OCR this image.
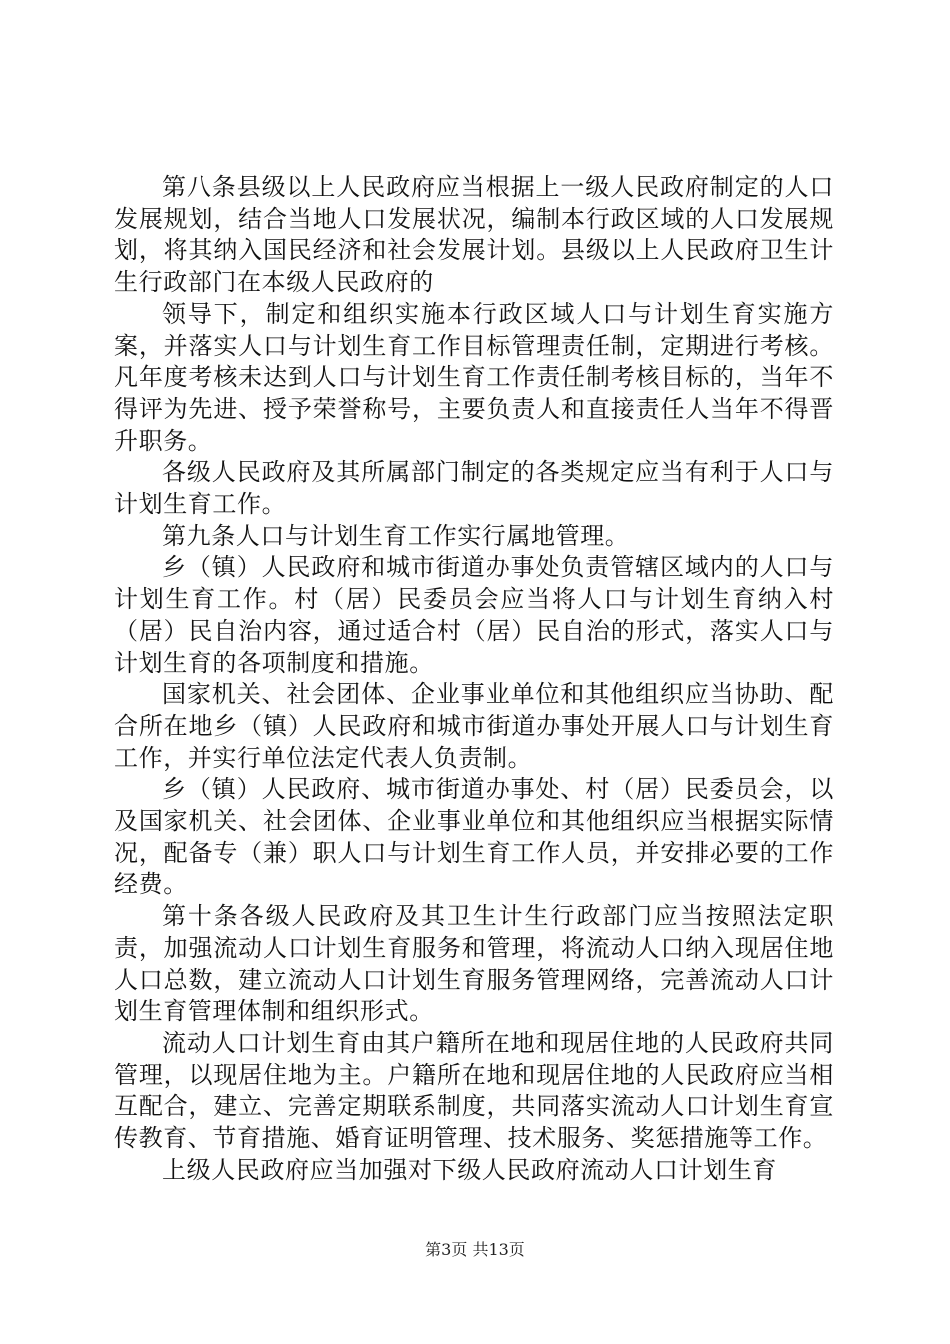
第八条县级以上人民政府应当根据上一级人民政府制定的人口发展规划，结合当地人口发展状况，编制本行政区域的人口发展规划，将其纳入国民经济和社会发展计划。县级以上人民政府卫生计生行政部门在本级人民政府的

领导下，制定和组织实施本行政区域人口与计划生育实施方案，并落实人口与计划生育工作目标管理责任制，定期进行考核。凡年度考核未达到人口与计划生育工作责任制考核目标的，当年不得评为先进、授予荣誉称号，主要负责人和直接责任人当年不得晋升职务。

各级人民政府及其所属部门制定的各类规定应当有利于人口与计划生育工作。

第九条人口与计划生育工作实行属地管理。

乡（镇）人民政府和城市街道办事处负责管辖区域内的人口与计划生育工作。村（居）民委员会应当将人口与计划生育纳入村（居）民自治内容，通过适合村（居）民自治的形式，落实人口与计划生育的各项制度和措施。

国家机关、社会团体、企业事业单位和其他组织应当协助、配合所在地乡（镇）人民政府和城市街道办事处开展人口与计划生育工作，并实行单位法定代表人负责制。

乡（镇）人民政府、城市街道办事处、村（居）民委员会，以及国家机关、社会团体、企业事业单位和其他组织应当根据实际情况，配备专（兼）职人口与计划生育工作人员，并安排必要的工作经费。

第十条各级人民政府及其卫生计生行政部门应当按照法定职责，加强流动人口计划生育服务和管理，将流动人口纳入现居住地人口总数，建立流动人口计划生育服务管理网络，完善流动人口计划生育管理体制和组织形式。

流动人口计划生育由其户籍所在地和现居住地的人民政府共同管理，以现居住地为主。户籍所在地和现居住地的人民政府应当相互配合，建立、完善定期联系制度，共同落实流动人口计划生育宣传教育、节育措施、婚育证明管理、技术服务、奖惩措施等工作。

上级人民政府应当加强对下级人民政府流动人口计划生育

第3页 共13页
